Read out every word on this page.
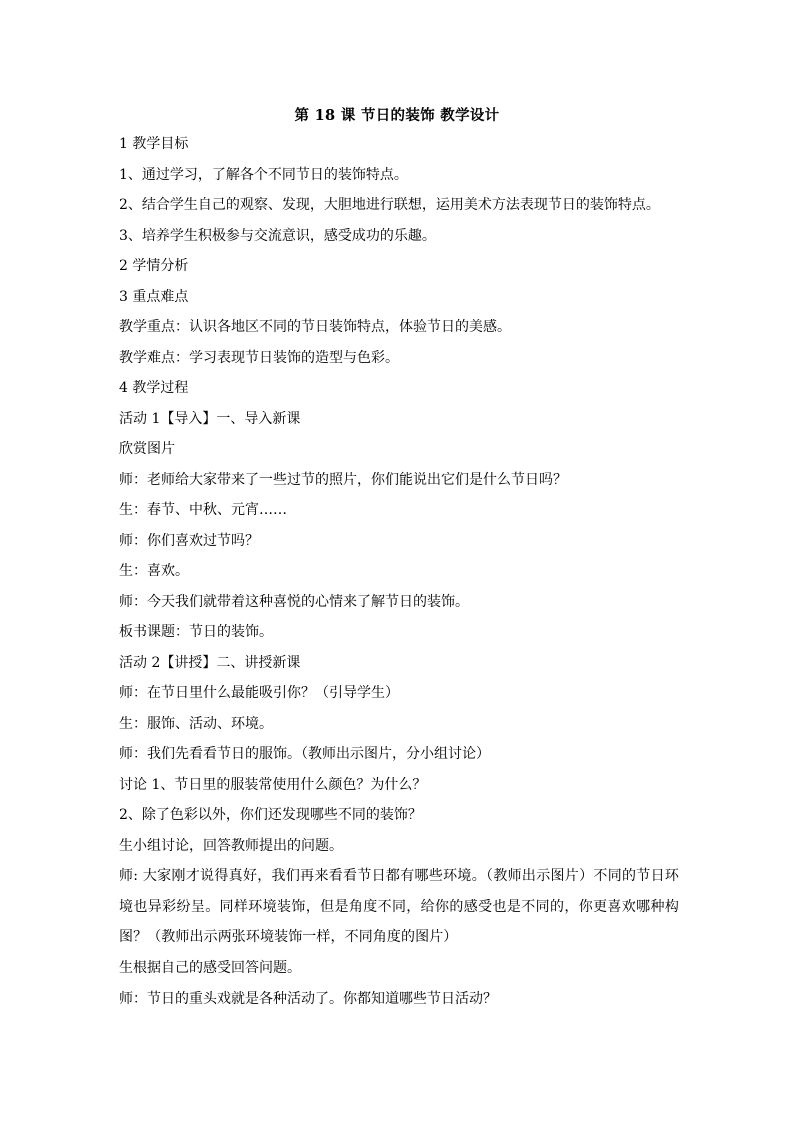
第 18 课 节日的装饰 教学设计

1 教学目标

1、通过学习，了解各个不同节日的装饰特点。

2、结合学生自己的观察、发现，大胆地进行联想，运用美术方法表现节日的装饰特点。

3、培养学生积极参与交流意识，感受成功的乐趣。

2 学情分析

3 重点难点

教学重点：认识各地区不同的节日装饰特点，体验节日的美感。

教学难点：学习表现节日装饰的造型与色彩。

4 教学过程

活动 1【导入】一、导入新课

欣赏图片

师：老师给大家带来了一些过节的照片，你们能说出它们是什么节日吗？

生：春节、中秋、元宵……

师：你们喜欢过节吗？

生：喜欢。

师：今天我们就带着这种喜悦的心情来了解节日的装饰。

板书课题：节日的装饰。

活动 2【讲授】二、讲授新课

师：在节日里什么最能吸引你？（引导学生）

生：服饰、活动、环境。

师：我们先看看节日的服饰。（教师出示图片，分小组讨论）

讨论 1、节日里的服装常使用什么颜色？为什么？

2、除了色彩以外，你们还发现哪些不同的装饰？

生小组讨论，回答教师提出的问题。

师: 大家刚才说得真好，我们再来看看节日都有哪些环境。（教师出示图片）不同的节日环境也异彩纷呈。同样环境装饰，但是角度不同，给你的感受也是不同的，你更喜欢哪种构图？（教师出示两张环境装饰一样，不同角度的图片）

生根据自己的感受回答问题。

师：节日的重头戏就是各种活动了。你都知道哪些节日活动？
